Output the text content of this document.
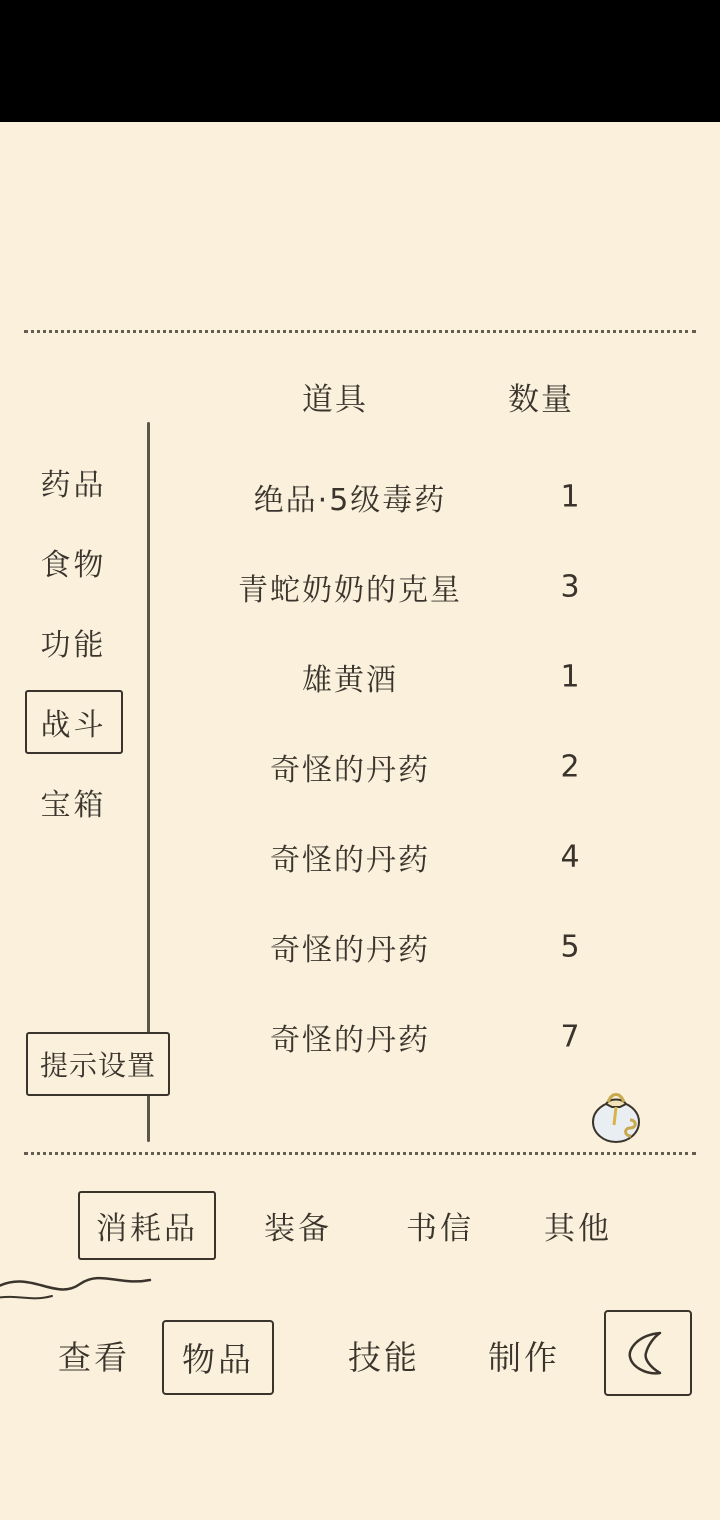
道具	数量
药品
食物
功能
战斗
宝箱
提示设置
绝品·5级毒药	1
青蛇奶奶的克星	3
雄黄酒	1
奇怪的丹药	2
奇怪的丹药	4
奇怪的丹药	5
奇怪的丹药	7
消耗品	装备	书信	其他
查看	物品	技能	制作
